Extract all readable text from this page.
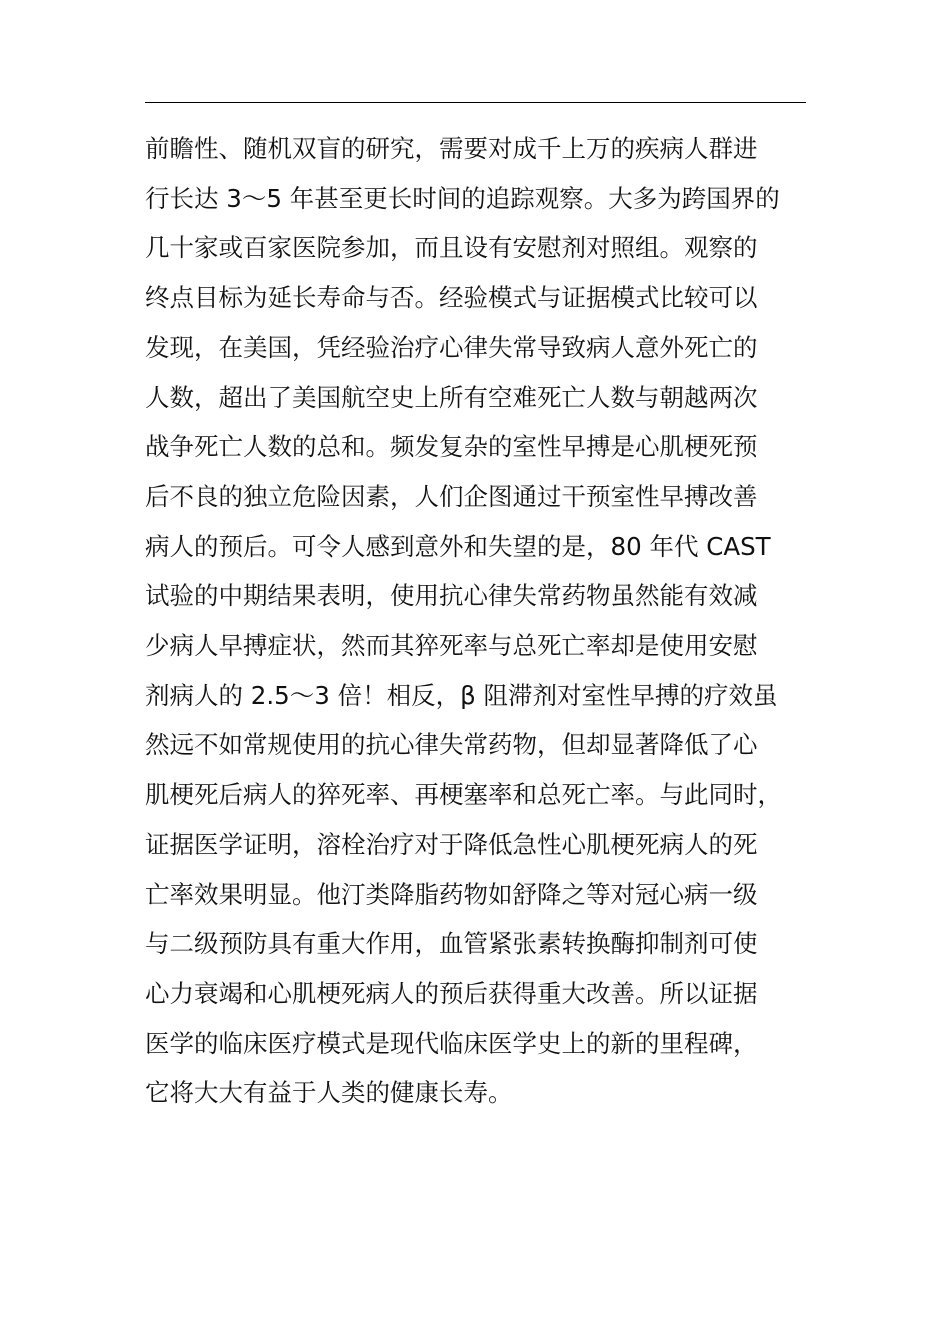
前瞻性、随机双盲的研究，需要对成千上万的疾病人群进
行长达 3～5 年甚至更长时间的追踪观察。大多为跨国界的
几十家或百家医院参加，而且设有安慰剂对照组。观察的
终点目标为延长寿命与否。经验模式与证据模式比较可以
发现，在美国，凭经验治疗心律失常导致病人意外死亡的
人数，超出了美国航空史上所有空难死亡人数与朝越两次
战争死亡人数的总和。频发复杂的室性早搏是心肌梗死预
后不良的独立危险因素，人们企图通过干预室性早搏改善
病人的预后。可令人感到意外和失望的是，80 年代 CAST
试验的中期结果表明，使用抗心律失常药物虽然能有效减
少病人早搏症状，然而其猝死率与总死亡率却是使用安慰
剂病人的 2.5～3 倍！相反，β 阻滞剂对室性早搏的疗效虽
然远不如常规使用的抗心律失常药物，但却显著降低了心
肌梗死后病人的猝死率、再梗塞率和总死亡率。与此同时，
证据医学证明，溶栓治疗对于降低急性心肌梗死病人的死
亡率效果明显。他汀类降脂药物如舒降之等对冠心病一级
与二级预防具有重大作用，血管紧张素转换酶抑制剂可使
心力衰竭和心肌梗死病人的预后获得重大改善。所以证据
医学的临床医疗模式是现代临床医学史上的新的里程碑，
它将大大有益于人类的健康长寿。
